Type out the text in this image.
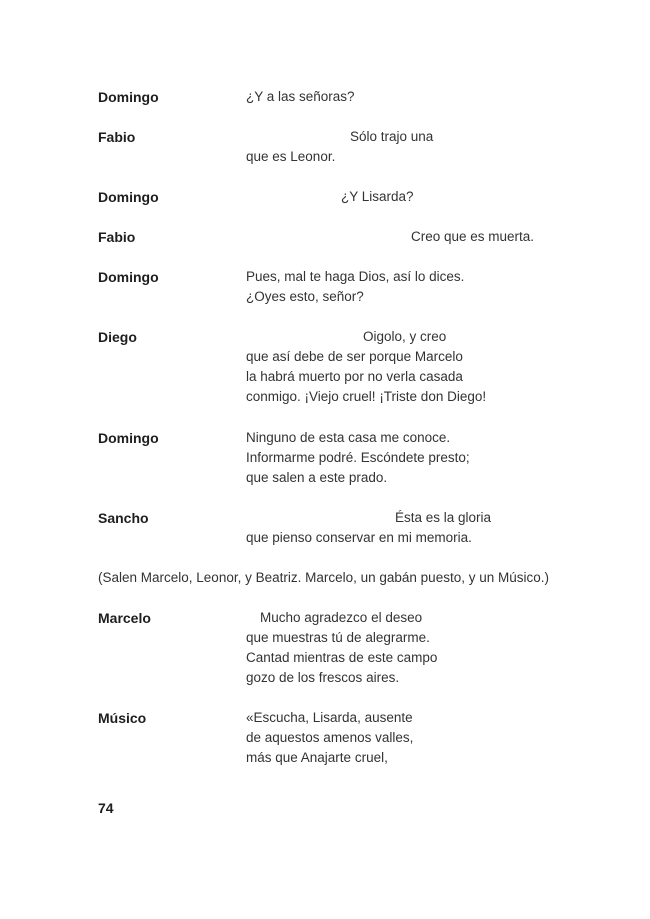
Domingo	¿Y a las señoras?
Fabio	Sólo trajo una
que es Leonor.
Domingo	¿Y Lisarda?
Fabio	Creo que es muerta.
Domingo	Pues, mal te haga Dios, así lo dices.
¿Oyes esto, señor?
Diego	Oigolo, y creo
que así debe de ser porque Marcelo
la habrá muerto por no verla casada
conmigo. ¡Viejo cruel! ¡Triste don Diego!
Domingo	Ninguno de esta casa me conoce.
Informarme podré. Escóndete presto;
que salen a este prado.
Sancho	Ésta es la gloria
que pienso conservar en mi memoria.
(Salen Marcelo, Leonor, y Beatriz. Marcelo, un gabán puesto, y un Músico.)
Marcelo	Mucho agradezco el deseo
que muestras tú de alegrarme.
Cantad mientras de este campo
gozo de los frescos aires.
Músico	«Escucha, Lisarda, ausente
de aquestos amenos valles,
más que Anajarte cruel,
74
